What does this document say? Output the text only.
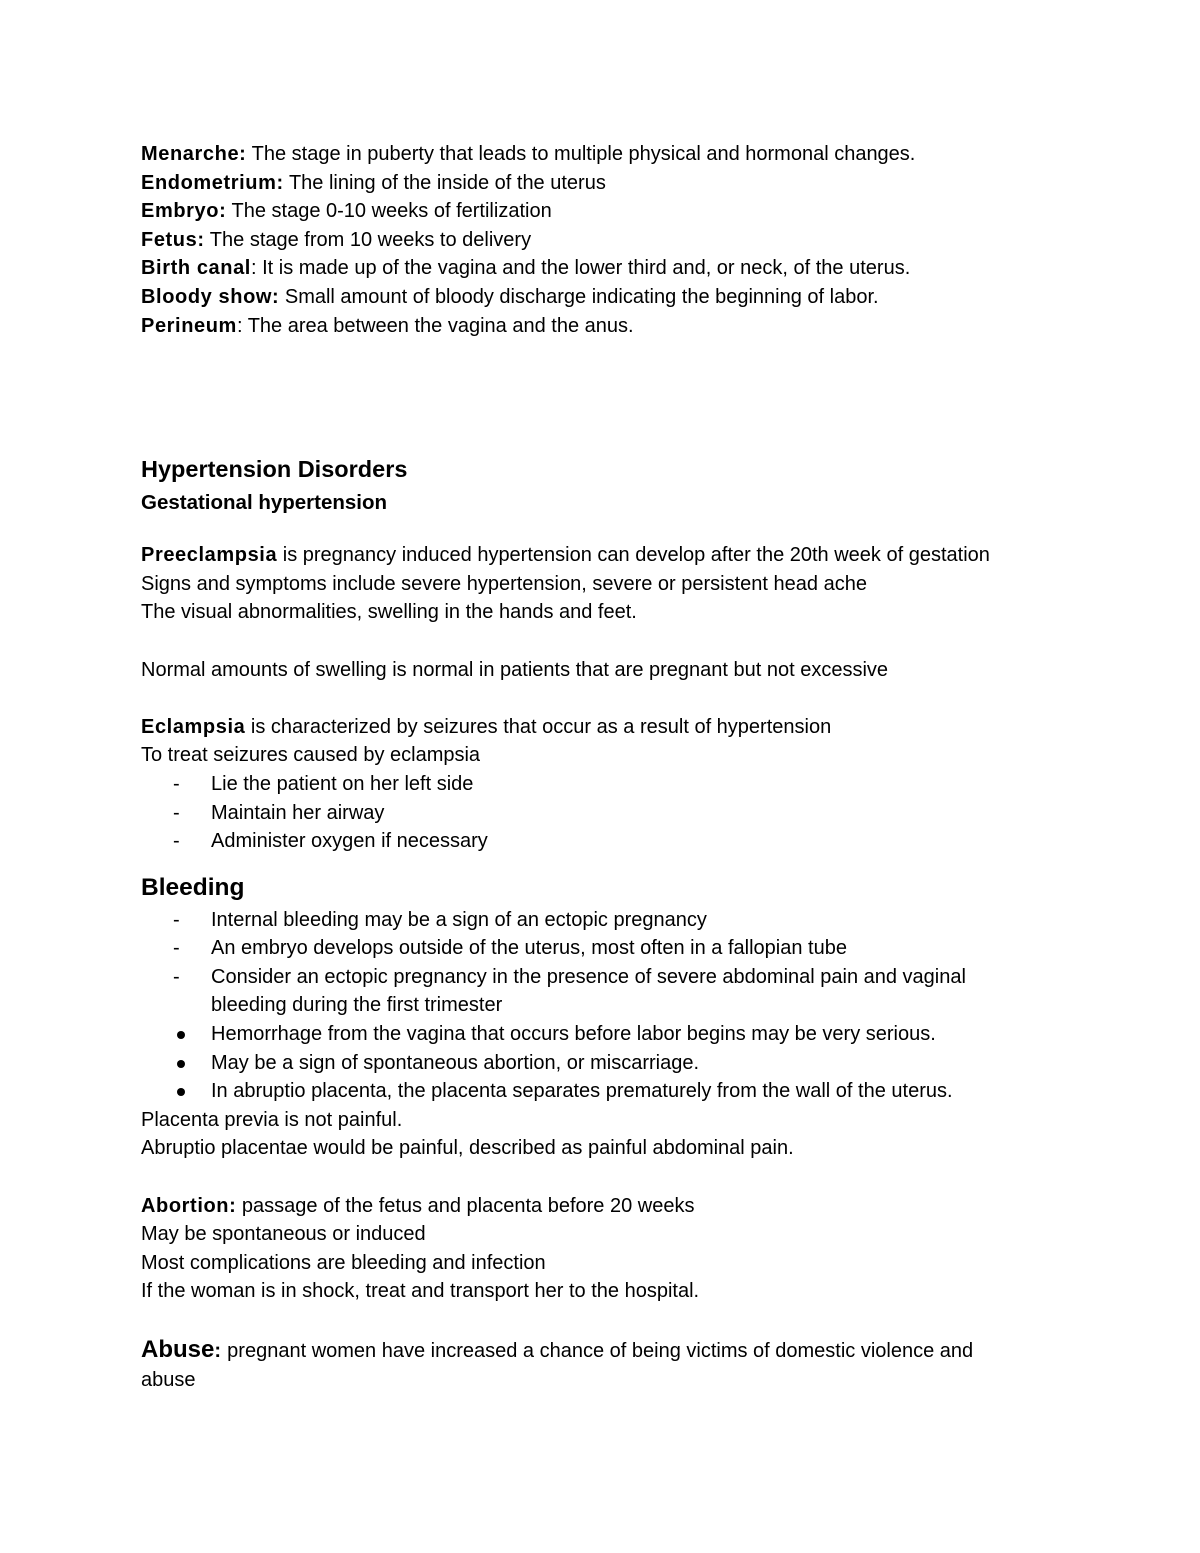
Menarche: The stage in puberty that leads to multiple physical and hormonal changes.

Endometrium: The lining of the inside of the uterus

Embryo: The stage 0-10 weeks of fertilization

Fetus: The stage from 10 weeks to delivery

Birth canal: It is made up of the vagina and the lower third and, or neck, of the uterus.

Bloody show: Small amount of bloody discharge indicating the beginning of labor.

Perineum: The area between the vagina and the anus.

Hypertension Disorders
Gestational hypertension

Preeclampsia is pregnancy induced hypertension can develop after the 20th week of gestation

Signs and symptoms include severe hypertension, severe or persistent head ache

The visual abnormalities, swelling in the hands and feet.

Normal amounts of swelling is normal in patients that are pregnant but not excessive

Eclampsia is characterized by seizures that occur as a result of hypertension

To treat seizures caused by eclampsia

- Lie the patient on her left side

- Maintain her airway

- Administer oxygen if necessary

Bleeding

- Internal bleeding may be a sign of an ectopic pregnancy

- An embryo develops outside of the uterus, most often in a fallopian tube

- Consider an ectopic pregnancy in the presence of severe abdominal pain and vaginal

bleeding during the first trimester

Hemorrhage from the vagina that occurs before labor begins may be very serious.

May be a sign of spontaneous abortion, or miscarriage.

In abruptio placenta, the placenta separates prematurely from the wall of the uterus.

Placenta previa is not painful.

Abruptio placentae would be painful, described as painful abdominal pain.

Abortion: passage of the fetus and placenta before 20 weeks

May be spontaneous or induced

Most complications are bleeding and infection

If the woman is in shock, treat and transport her to the hospital.

Abuse: pregnant women have increased a chance of being victims of domestic violence and

abuse
